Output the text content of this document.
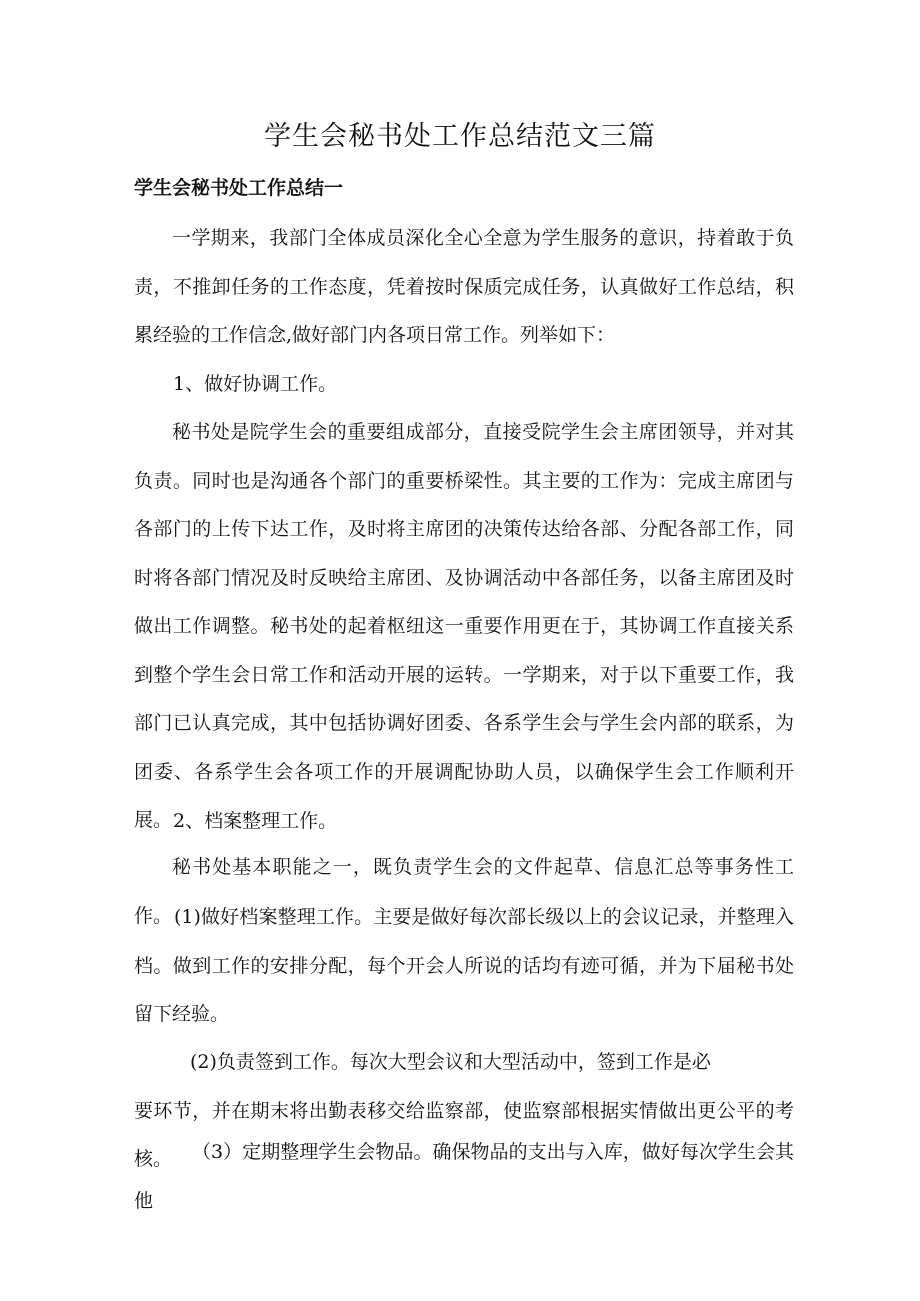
学生会秘书处工作总结范文三篇
学生会秘书处工作总结一

一学期来，我部门全体成员深化全心全意为学生服务的意识，持着敢于负责，不推卸任务的工作态度，凭着按时保质完成任务，认真做好工作总结，积累经验的工作信念,做好部门内各项日常工作。列举如下：

1、做好协调工作。

秘书处是院学生会的重要组成部分，直接受院学生会主席团领导，并对其负责。同时也是沟通各个部门的重要桥梁性。其主要的工作为：完成主席团与各部门的上传下达工作，及时将主席团的决策传达给各部、分配各部工作，同时将各部门情况及时反映给主席团、及协调活动中各部任务，以备主席团及时做出工作调整。秘书处的起着枢纽这一重要作用更在于，其协调工作直接关系到整个学生会日常工作和活动开展的运转。一学期来，对于以下重要工作，我部门已认真完成，其中包括协调好团委、各系学生会与学生会内部的联系，为团委、各系学生会各项工作的开展调配协助人员，以确保学生会工作顺利开展。 2、档案整理工作。

秘书处基本职能之一，既负责学生会的文件起草、信息汇总等事务性工作。 (1)做好档案整理工作。主要是做好每次部长级以上的会议记录，并整理入档。做到工作的安排分配，每个开会人所说的话均有迹可循，并为下届秘书处留下经验。

(2)负责签到工作。每次大型会议和大型活动中，签到工作是必
要环节，并在期末将出勤表移交给监察部，使监察部根据实情做出更公平的考核。	（3）定期整理学生会物品。确保物品的支出与入库，做好每次学生会其他
